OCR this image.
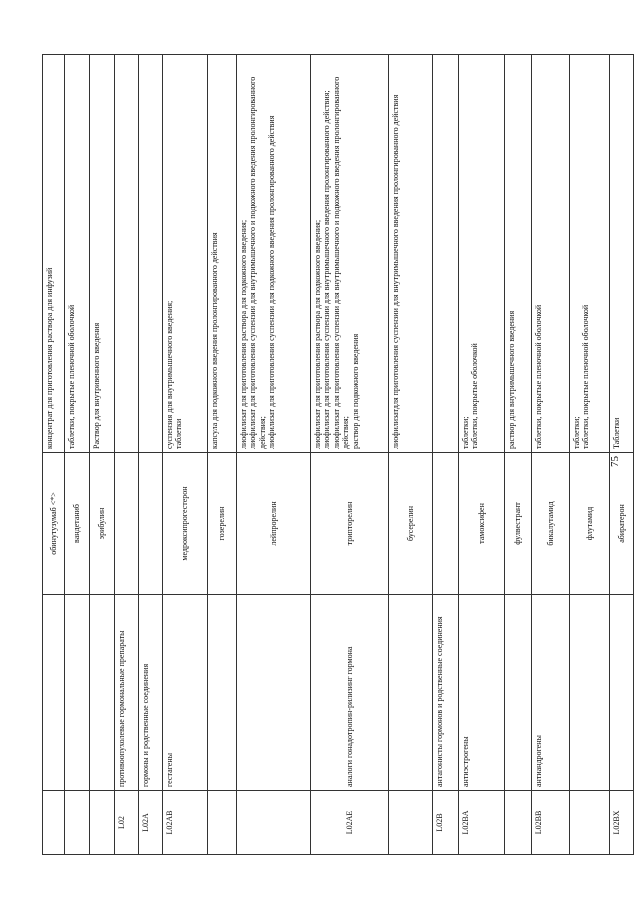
		обинутузумаб <*>	концентрат для приготовления раствора для инфузий
		вандетаниб	таблетки, покрытые пленочной оболочкой
		эрибулин	Раствор для внутривенного введения
L02	противоопухолевые гормональные препараты		
L02A	гормоны и родственные соединения		
L02AB	гестагены	медроксипрогестерон	суспензия для внутримышечного введения;
таблетки
		гозерелин	капсула для подкожного введения пролонгированного действия
		лейпрорелин	лиофилизат для приготовления раствора для подкожного введения;
лиофилизат для приготовления суспензии для внутримышечного и подкожного введения пролонгированного действия;
лиофилизат для приготовления суспензии для подкожного введения пролонгированного действия
L02AE	аналоги гонадотропин-рилизинг гормона	трипторелин	лиофилизат для приготовления раствора для подкожного введения;
лиофилизат для приготовления суспензии для внутримышечного введения пролонгированного действия;
лиофилизат для приготовления суспензии для внутримышечного и подкожного введения пролонгированного действия;
раствор для подкожного введения
		бусерелин	лиофилизатдля приготовления суспензии для внутримышечного введения пролонгированного действия
L02B	антагонисты гормонов и родственные соединения		
L02BA	антиэстрогены	тамоксифен	таблетки;
таблетки, покрытые оболочкой
		фулвестрант	раствор для внутримышечного введения
L02BB	антиандрогены	бикалутамид	таблетки, покрытые пленочной оболочкой
		флутамид	таблетки;
таблетки, покрытые пленочной оболочкой
L02BX		абиратерон	Таблетки
75
